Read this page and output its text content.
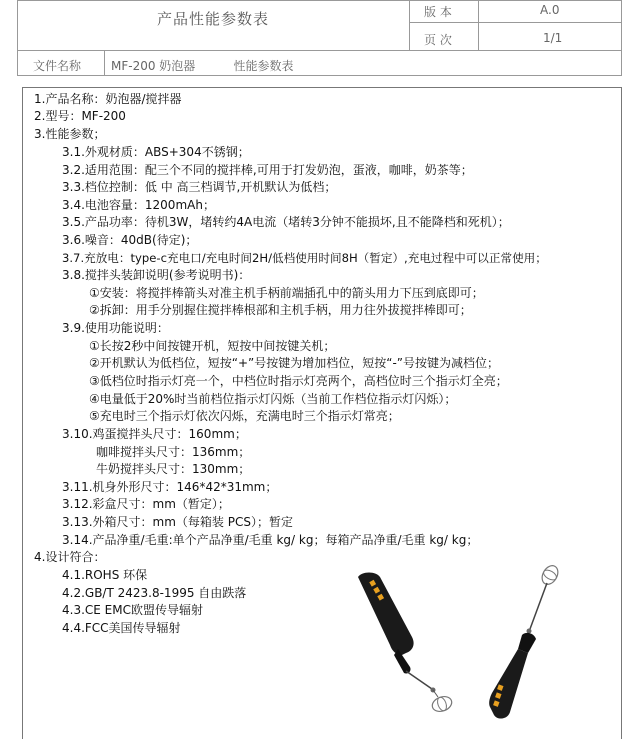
产品性能参数表	版 本	A.0
页 次	1/1
文件名称 MF-200 奶泡器          性能参数表
1.产品名称：奶泡器/搅拌器
2.型号：MF-200
3.性能参数；
3.1.外观材质：ABS+304不锈钢；
3.2.适用范围：配三个不同的搅拌棒,可用于打发奶泡，蛋液，咖啡，奶茶等；
3.3.档位控制：低 中 高三档调节,开机默认为低档；
3.4.电池容量：1200mAh；
3.5.产品功率：待机3W，堵转约4A电流（堵转3分钟不能损坏,且不能降档和死机）；
3.6.噪音：40dB(待定)；
3.7.充放电：type-c充电口/充电时间2H/低档使用时间8H（暂定）,充电过程中可以正常使用；
3.8.搅拌头装卸说明(参考说明书)：
①安装：将搅拌棒箭头对准主机手柄前端插孔中的箭头用力下压到底即可；
②拆卸：用手分别握住搅拌棒根部和主机手柄，用力往外拔搅拌棒即可；
3.9.使用功能说明：
①长按2秒中间按键开机，短按中间按键关机；
②开机默认为低档位，短按“+”号按键为增加档位，短按“-”号按键为减档位；
③低档位时指示灯亮一个，中档位时指示灯亮两个，高档位时三个指示灯全亮；
④电量低于20%时当前档位指示灯闪烁（当前工作档位指示灯闪烁）；
⑤充电时三个指示灯依次闪烁，充满电时三个指示灯常亮；
3.10.鸡蛋搅拌头尺寸：160mm；
咖啡搅拌头尺寸：136mm；
牛奶搅拌头尺寸：130mm；
3.11.机身外形尺寸：146*42*31mm；
3.12.彩盒尺寸：mm（暂定）；
3.13.外箱尺寸：mm（每箱装 PCS）；暂定
3.14.产品净重/毛重:单个产品净重/毛重 kg/ kg；每箱产品净重/毛重 kg/ kg；
4.设计符合：
4.1.ROHS 环保
4.2.GB/T 2423.8-1995 自由跌落
4.3.CE EMC欧盟传导辐射
4.4.FCC美国传导辐射
